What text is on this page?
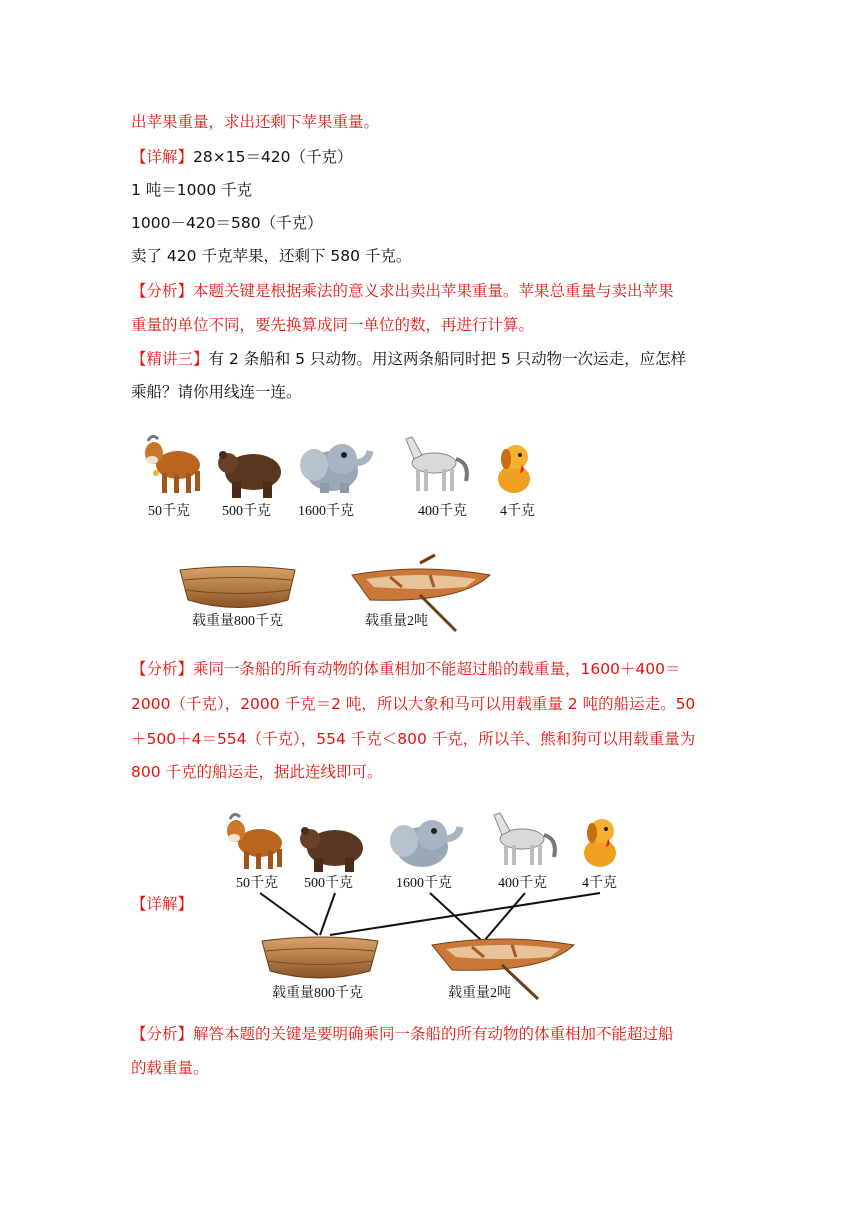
出苹果重量，求出还剩下苹果重量。
【详解】28×15＝420（千克）
1 吨＝1000 千克
1000－420＝580（千克）
卖了 420 千克苹果，还剩下 580 千克。
【分析】本题关键是根据乘法的意义求出卖出苹果重量。苹果总重量与卖出苹果
重量的单位不同，要先换算成同一单位的数，再进行计算。
【精讲三】有 2 条船和 5 只动物。用这两条船同时把 5 只动物一次运走，应怎样
乘船？请你用线连一连。
50千克 500千克 1600千克	400千克 4千克
载重量800千克	载重量2吨
【分析】乘同一条船的所有动物的体重相加不能超过船的载重量，1600＋400＝
2000（千克），2000 千克＝2 吨，所以大象和马可以用载重量 2 吨的船运走。50
＋500＋4＝554（千克），554 千克＜800 千克，所以羊、熊和狗可以用载重量为
800 千克的船运走，据此连线即可。
【详解】
50千克 500千克	1600千克	400千克	4千克
载重量800千克	载重量2吨
【分析】解答本题的关键是要明确乘同一条船的所有动物的体重相加不能超过船
的载重量。
